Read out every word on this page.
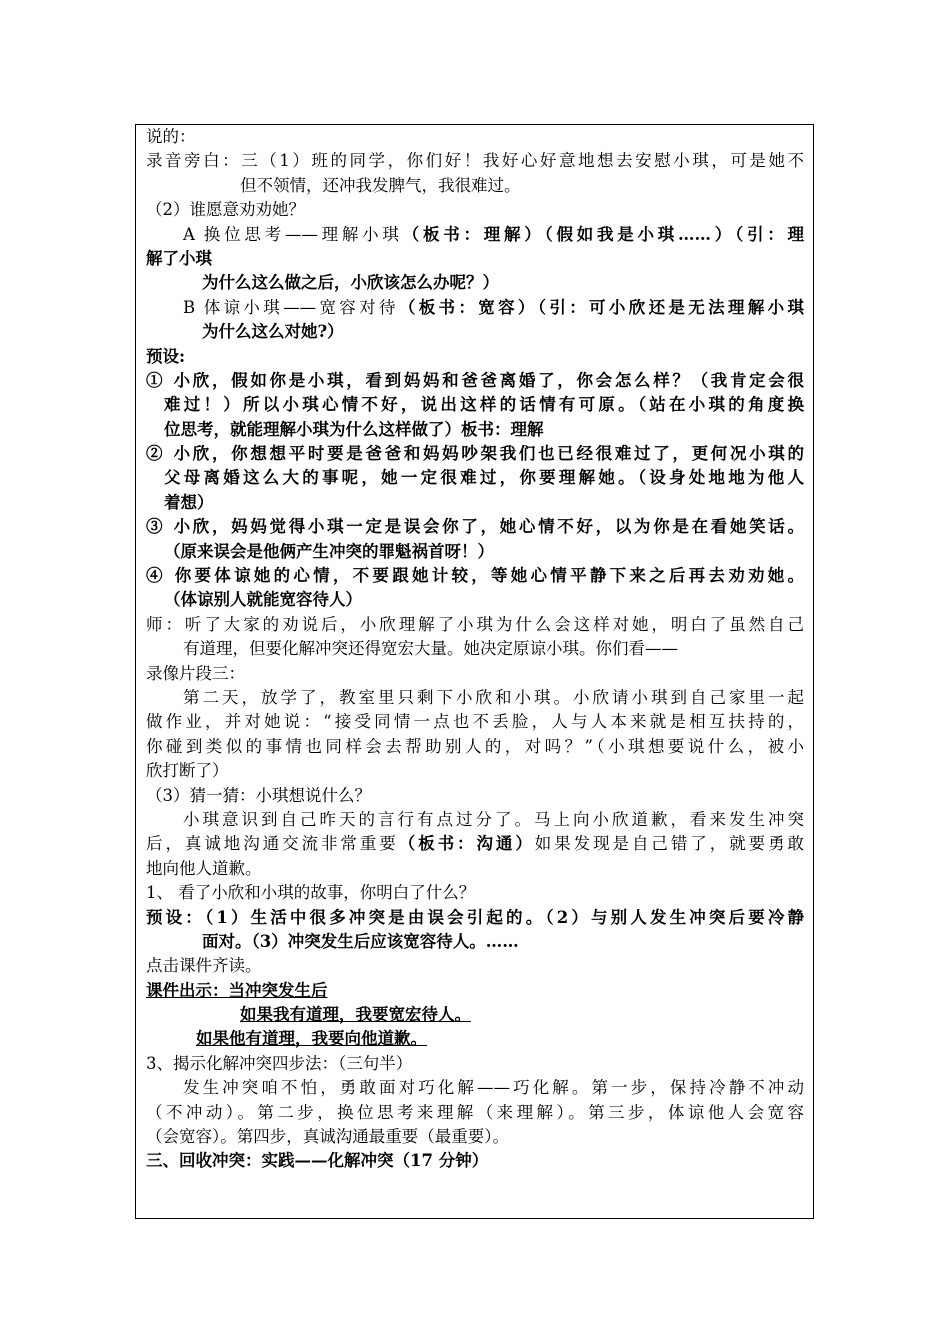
说的：
录音旁白：三（1）班的同学，你们好！我好心好意地想去安慰小琪，可是她不
但不领情，还冲我发脾气，我很难过。
（2）谁愿意劝劝她？
A 换位思考——理解小琪（板书：理解）（假如我是小琪……）（引：理
解了小琪
为什么这么做之后，小欣该怎么办呢？）
B 体谅小琪——宽容对待（板书：宽容）（引：可小欣还是无法理解小琪
为什么这么对她?）
预设:
① 小欣，假如你是小琪，看到妈妈和爸爸离婚了，你会怎么样？（我肯定会很
难过！）所以小琪心情不好，说出这样的话情有可原。（站在小琪的角度换
位思考，就能理解小琪为什么这样做了）板书：理解
② 小欣，你想想平时要是爸爸和妈妈吵架我们也已经很难过了，更何况小琪的
父母离婚这么大的事呢，她一定很难过，你要理解她。（设身处地地为他人
着想）
③ 小欣，妈妈觉得小琪一定是误会你了，她心情不好，以为你是在看她笑话。
（原来误会是他俩产生冲突的罪魁祸首呀！）
④ 你要体谅她的心情，不要跟她计较，等她心情平静下来之后再去劝劝她。
（体谅别人就能宽容待人）
师：听了大家的劝说后，小欣理解了小琪为什么会这样对她，明白了虽然自己
有道理，但要化解冲突还得宽宏大量。她决定原谅小琪。你们看——
录像片段三：
第二天，放学了，教室里只剩下小欣和小琪。小欣请小琪到自己家里一起
做作业，并对她说：“接受同情一点也不丢脸，人与人本来就是相互扶持的，
你碰到类似的事情也同样会去帮助别人的，对吗？”（小琪想要说什么，被小
欣打断了）
（3）猜一猜：小琪想说什么？
小琪意识到自己昨天的言行有点过分了。马上向小欣道歉，看来发生冲突
后，真诚地沟通交流非常重要（板书：沟通）如果发现是自己错了，就要勇敢
地向他人道歉。
1、 看了小欣和小琪的故事，你明白了什么？
预设：（1）生活中很多冲突是由误会引起的。（2）与别人发生冲突后要冷静
面对。（3）冲突发生后应该宽容待人。……
点击课件齐读。
课件出示：当冲突发生后
如果我有道理，我要宽宏待人。
如果他有道理，我要向他道歉。
3、揭示化解冲突四步法：（三句半）
发生冲突咱不怕，勇敢面对巧化解——巧化解。第一步，保持冷静不冲动
（不冲动）。第二步，换位思考来理解（来理解）。第三步，体谅他人会宽容
（会宽容）。第四步，真诚沟通最重要（最重要）。
三、回收冲突：实践——化解冲突（17 分钟）
